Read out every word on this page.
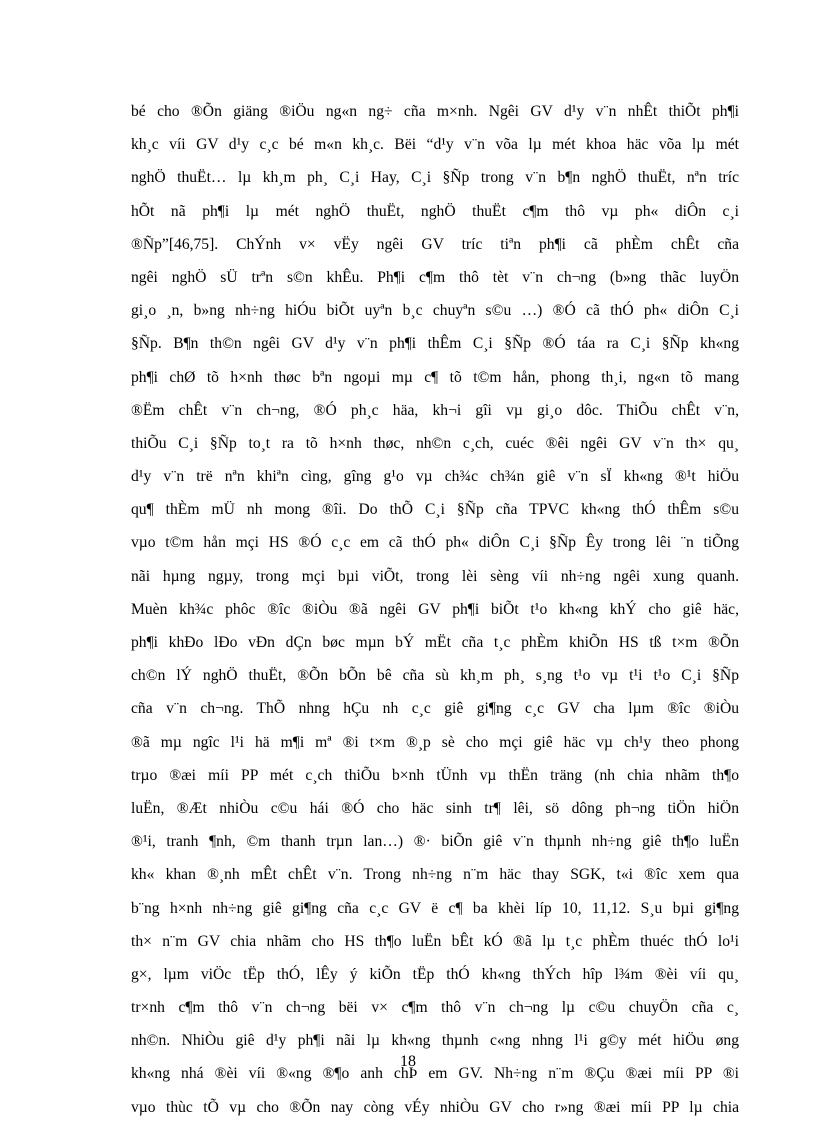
bé cho ®Õn giäng ®iÖu ng«n ng÷ cña m×nh. Ngêi GV d¹y v¨n nhÊt thiÕt ph¶i
kh¸c víi GV d¹y c¸c bé m«n kh¸c. Bëi “d¹y v¨n võa lµ mét khoa häc võa lµ mét
nghÖ thuËt… lµ kh¸m ph¸ C¸i Hay, C¸i §Ñp trong v¨n b¶n nghÖ thuËt, nªn tríc
hÕt nã ph¶i lµ mét nghÖ thuËt, nghÖ thuËt c¶m thô vµ ph« diÔn c¸i
®Ñp”[46,75]. ChÝnh v× vËy ngêi GV tríc tiªn ph¶i cã phÈm chÊt cña
ngêi nghÖ sÜ trªn s©n khÊu. Ph¶i c¶m thô tèt v¨n ch¬ng (b»ng thãc luyÖn
gi¸o ¸n, b»ng nh÷ng hiÓu biÕt uyªn b¸c chuyªn s©u …) ®Ó cã thÓ ph« diÔn C¸i
§Ñp. B¶n th©n ngêi GV d¹y v¨n ph¶i thÊm C¸i §Ñp ®Ó táa ra C¸i §Ñp kh«ng
ph¶i chØ tõ h×nh thøc bªn ngoµi mµ c¶ tõ t©m hån, phong th¸i, ng«n tõ mang
®Ëm chÊt v¨n ch¬ng, ®Ó ph¸c häa, kh¬i gîi vµ gi¸o dôc. ThiÕu chÊt v¨n,
thiÕu C¸i §Ñp to¸t ra tõ h×nh thøc, nh©n c¸ch, cuéc ®êi ngêi GV v¨n th× qu¸
d¹y v¨n trë nªn khiªn cìng, gîng g¹o vµ ch¾c ch¾n giê v¨n sÏ kh«ng ®¹t hiÖu
qu¶ thÈm mÜ nh mong ®îi. Do thÕ C¸i §Ñp cña TPVC kh«ng thÓ thÊm s©u
vµo t©m hån mçi HS ®Ó c¸c em cã thÓ ph« diÔn C¸i §Ñp Êy trong lêi ¨n tiÕng
nãi hµng ngµy, trong mçi bµi viÕt, trong lèi sèng víi nh÷ng ngêi xung quanh.
Muèn kh¾c phôc ®îc ®iÒu ®ã ngêi GV ph¶i biÕt t¹o kh«ng khÝ cho giê häc,
ph¶i khÐo lÐo vÐn dÇn bøc mµn bÝ mËt cña t¸c phÈm khiÕn HS tß t×m ®Õn
ch©n lÝ nghÖ thuËt, ®Õn bÕn bê cña sù kh¸m ph¸ s¸ng t¹o vµ t¹i t¹o C¸i §Ñp
cña v¨n ch¬ng. ThÕ nhng hÇu nh c¸c giê gi¶ng c¸c GV cha lµm ®îc ®iÒu
®ã mµ ngîc l¹i hä m¶i mª ®i t×m ®¸p sè cho mçi giê häc vµ ch¹y theo phong
trµo ®æi míi PP mét c¸ch thiÕu b×nh tÜnh vµ thËn träng (nh chia nhãm th¶o
luËn, ®Æt nhiÒu c©u hái ®Ó cho häc sinh tr¶ lêi, sö dông ph¬ng tiÖn hiÖn
®¹i, tranh ¶nh, ©m thanh trµn lan…) ®· biÕn giê v¨n thµnh nh÷ng giê th¶o luËn
kh« khan ®¸nh mÊt chÊt v¨n. Trong nh÷ng n¨m häc thay SGK, t«i ®îc xem qua
b¨ng h×nh nh÷ng giê gi¶ng cña c¸c GV ë c¶ ba khèi líp 10, 11,12. S¸u bµi gi¶ng
th× n¨m GV chia nhãm cho HS th¶o luËn bÊt kÓ ®ã lµ t¸c phÈm thuéc thÓ lo¹i
g×, lµm viÖc tËp thÓ, lÊy ý kiÕn tËp thÓ kh«ng thÝch hîp l¾m ®èi víi qu¸
tr×nh c¶m thô v¨n ch¬ng bëi v× c¶m thô v¨n ch¬ng lµ c©u chuyÖn cña c¸
nh©n. NhiÒu giê d¹y ph¶i nãi lµ kh«ng thµnh c«ng nhng l¹i g©y mét hiÖu øng
kh«ng nhá ®èi víi ®«ng ®¶o anh chÞ em GV. Nh÷ng n¨m ®Çu ®æi míi PP ®i
vµo thùc tÕ vµ cho ®Õn nay còng vÉy nhiÒu GV cho r»ng ®æi míi PP lµ chia
18
